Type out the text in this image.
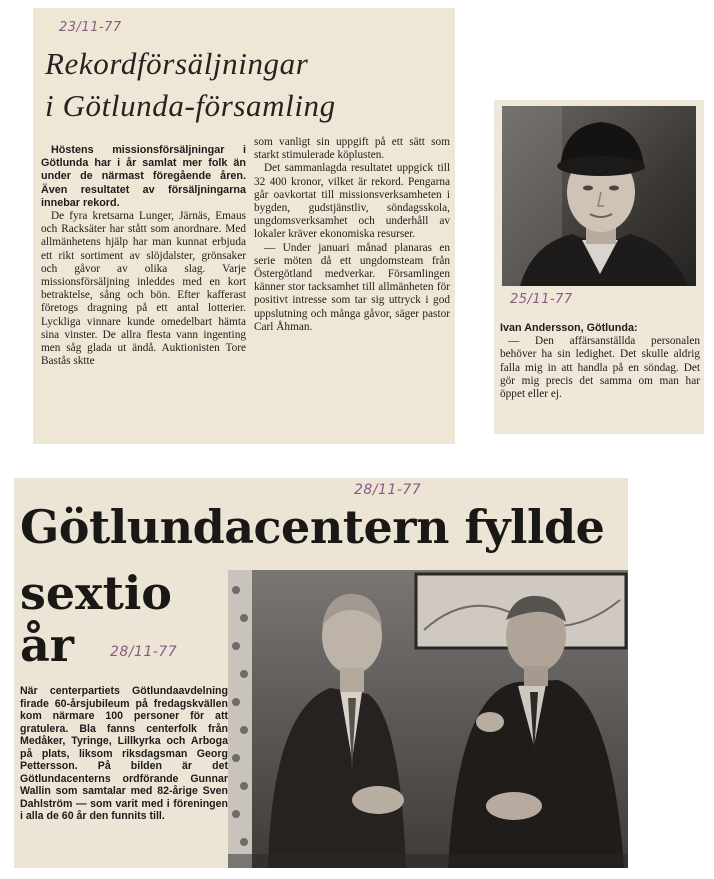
23/11-77
Rekordförsäljningar
i Götlunda-församling

Höstens missionsförsäljningar i Götlunda har i år samlat mer folk än under de närmast föregående åren. Även resultatet av försäljningarna innebar rekord.

De fyra kretsarna Lunger, Järnäs, Emaus och Racksäter har stått som anordnare. Med allmänhetens hjälp har man kunnat erbjuda ett rikt sortiment av slöjdalster, grönsaker och gåvor av olika slag. Varje missionsförsäljning inleddes med en kort betraktelse, sång och bön. Efter kafferast företogs dragning på ett antal lotterier. Lyckliga vinnare kunde omedelbart hämta sina vinster. De allra flesta vann ingenting men såg glada ut ändå. Auktionisten Tore Bastås sktte

som vanligt sin uppgift på ett sätt som starkt stimulerade köplusten.

Det sammanlagda resultatet uppgick till 32 400 kronor, vilket är rekord. Pengarna går oavkortat till missionsverksamheten i bygden, gudstjänstliv, söndagsskola, ungdomsverksamhet och underhåll av lokaler kräver ekonomiska resurser.

— Under januari månad planaras en serie möten då ett ungdomsteam från Östergötland medverkar. Församlingen känner stor tacksamhet till allmänheten för positivt intresse som tar sig uttryck i god uppslutning och många gåvor, säger pastor Carl Åhman.

25/11-77
Ivan Andersson, Götlunda:
— Den affärsanställda personalen behöver ha sin ledighet. Det skulle aldrig falla mig in att handla på en söndag. Det gör mig precis det samma om man har öppet eller ej.
28/11-77
Götlundacentern fyllde
sextio
år	28/11-77
När centerpartiets Götlundaavdelning firade 60-årsjubileum på fredagskvällen kom närmare 100 personer för att gratulera. Bla fanns centerfolk från Medåker, Tyringe, Lillkyrka och Arboga på plats, liksom riksdagsman Georg Pettersson. På bilden är det Götlundacenterns ordförande Gunnar Wallin som samtalar med 82-årige Sven Dahlström — som varit med i föreningen i alla de 60 år den funnits till.
